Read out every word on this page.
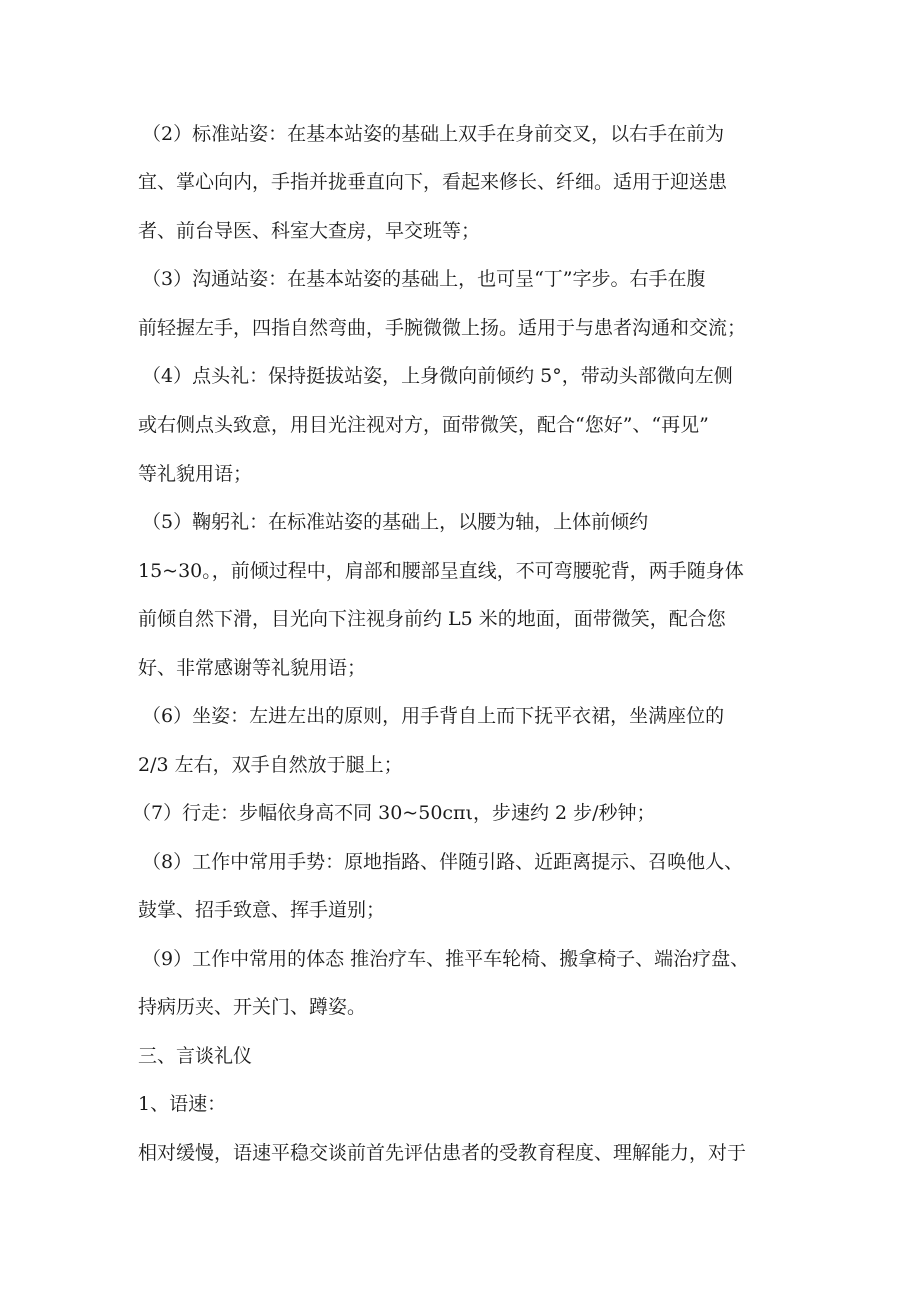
（2）标准站姿：在基本站姿的基础上双手在身前交叉，以右手在前为

宜、掌心向内，手指并拢垂直向下，看起来修长、纤细。适用于迎送患

者、前台导医、科室大查房，早交班等；

（3）沟通站姿：在基本站姿的基础上，也可呈“丁”字步。右手在腹

前轻握左手，四指自然弯曲，手腕微微上扬。适用于与患者沟通和交流；

（4）点头礼：保持挺拔站姿，上身微向前倾约 5°，带动头部微向左侧

或右侧点头致意，用目光注视对方，面带微笑，配合“您好”、“再见”

等礼貌用语；

（5）鞠躬礼：在标准站姿的基础上，以腰为轴，上体前倾约

15~30。，前倾过程中，肩部和腰部呈直线，不可弯腰驼背，两手随身体

前倾自然下滑，目光向下注视身前约 L5 米的地面，面带微笑，配合您

好、非常感谢等礼貌用语；

（6）坐姿：左进左出的原则，用手背自上而下抚平衣裙，坐满座位的

2/3 左右，双手自然放于腿上；

（7）行走：步幅依身高不同 30~50cπι，步速约 2 步/秒钟；

（8）工作中常用手势：原地指路、伴随引路、近距离提示、召唤他人、

鼓掌、招手致意、挥手道别；

（9）工作中常用的体态 推治疗车、推平车轮椅、搬拿椅子、端治疗盘、

持病历夹、开关门、蹲姿。

三、言谈礼仪

1、语速：

相对缓慢，语速平稳交谈前首先评估患者的受教育程度、理解能力，对于
